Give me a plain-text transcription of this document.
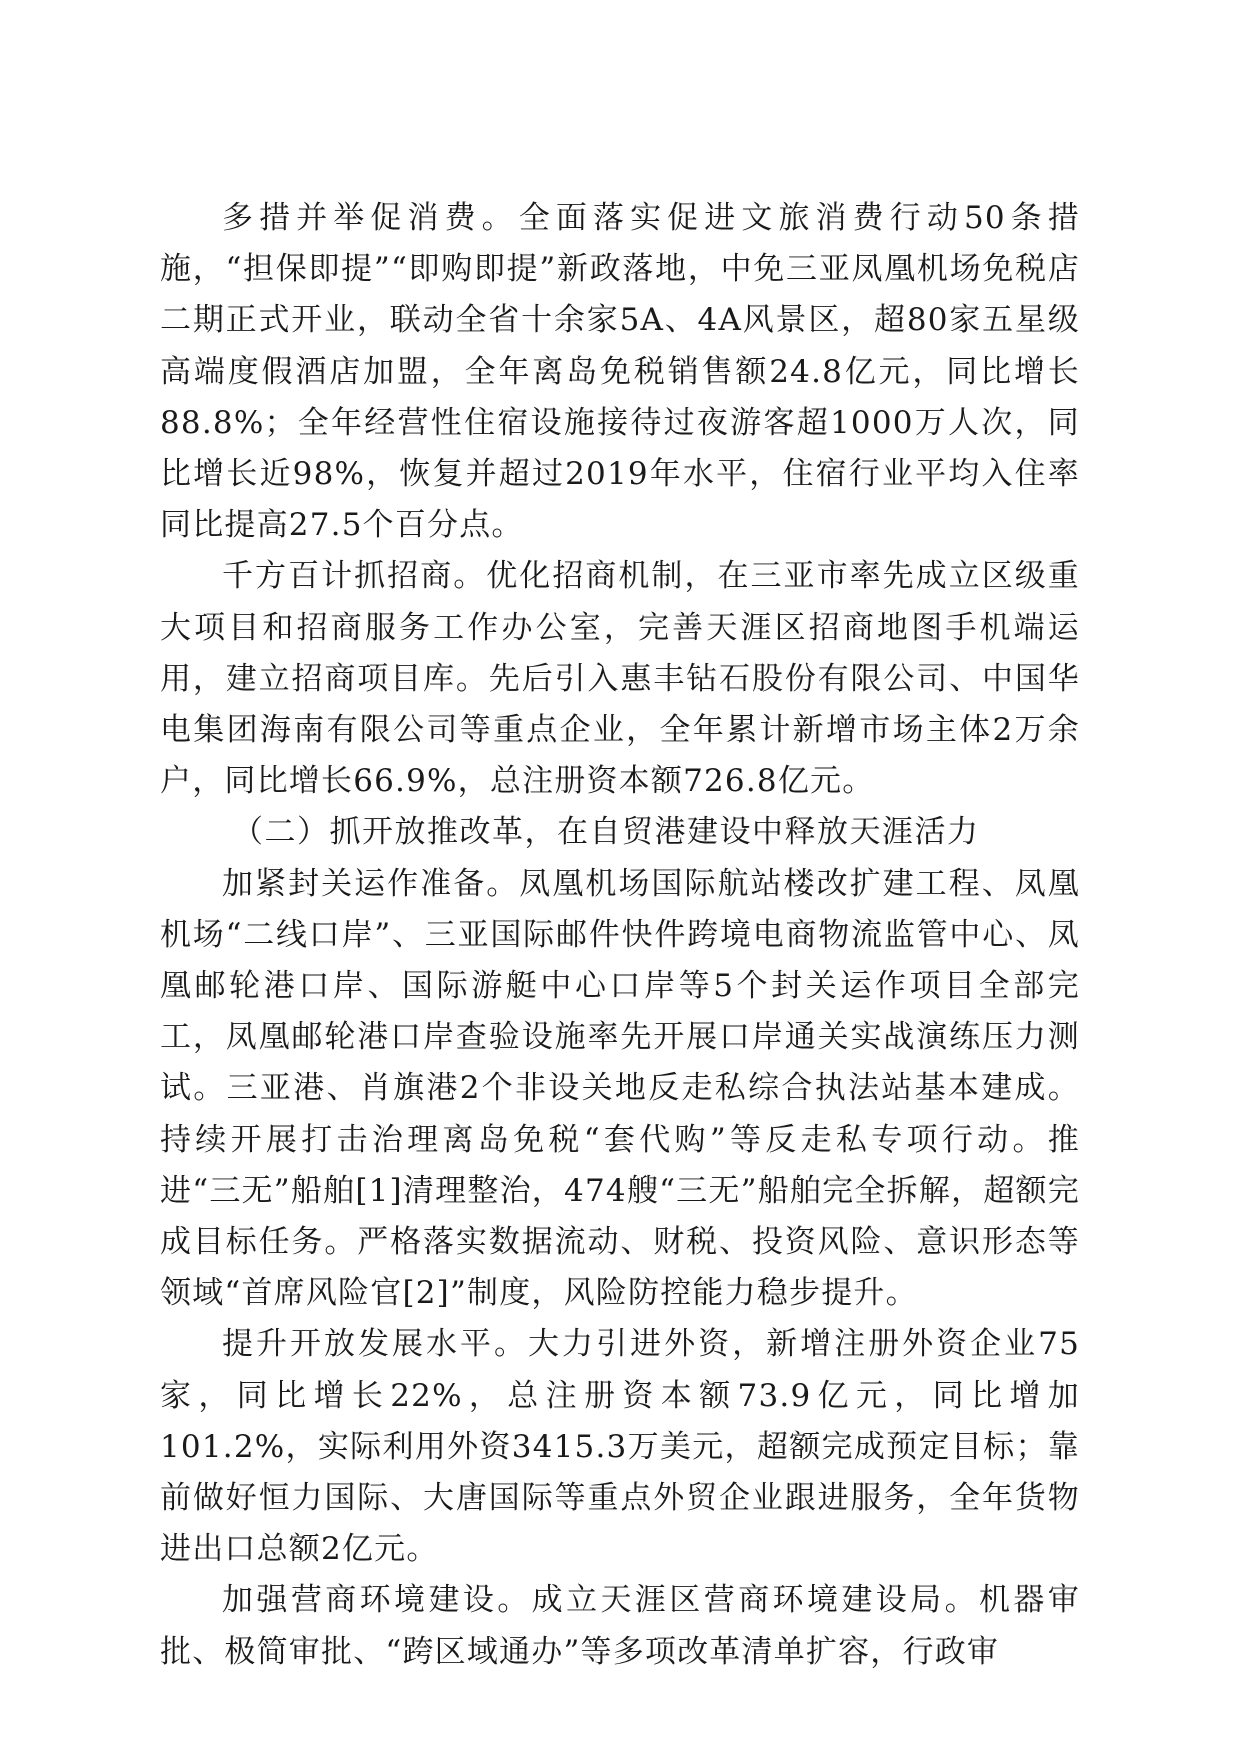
多措并举促消费。全面落实促进文旅消费行动50条措施，“担保即提”“即购即提”新政落地，中免三亚凤凰机场免税店二期正式开业，联动全省十余家5A、4A风景区，超80家五星级高端度假酒店加盟，全年离岛免税销售额24.8亿元，同比增长88.8%；全年经营性住宿设施接待过夜游客超1000万人次，同比增长近98%，恢复并超过2019年水平，住宿行业平均入住率同比提高27.5个百分点。

千方百计抓招商。优化招商机制，在三亚市率先成立区级重大项目和招商服务工作办公室，完善天涯区招商地图手机端运用，建立招商项目库。先后引入惠丰钻石股份有限公司、中国华电集团海南有限公司等重点企业，全年累计新增市场主体2万余户，同比增长66.9%，总注册资本额726.8亿元。

（二）抓开放推改革，在自贸港建设中释放天涯活力

加紧封关运作准备。凤凰机场国际航站楼改扩建工程、凤凰机场“二线口岸”、三亚国际邮件快件跨境电商物流监管中心、凤凰邮轮港口岸、国际游艇中心口岸等5个封关运作项目全部完工，凤凰邮轮港口岸查验设施率先开展口岸通关实战演练压力测试。三亚港、肖旗港2个非设关地反走私综合执法站基本建成。持续开展打击治理离岛免税“套代购”等反走私专项行动。推进“三无”船舶[1]清理整治，474艘“三无”船舶完全拆解，超额完成目标任务。严格落实数据流动、财税、投资风险、意识形态等领域“首席风险官[2]”制度，风险防控能力稳步提升。

提升开放发展水平。大力引进外资，新增注册外资企业75家，同比增长22%，总注册资本额73.9亿元，同比增加101.2%，实际利用外资3415.3万美元，超额完成预定目标；靠前做好恒力国际、大唐国际等重点外贸企业跟进服务，全年货物进出口总额2亿元。

加强营商环境建设。成立天涯区营商环境建设局。机器审批、极简审批、“跨区域通办”等多项改革清单扩容，行政审
